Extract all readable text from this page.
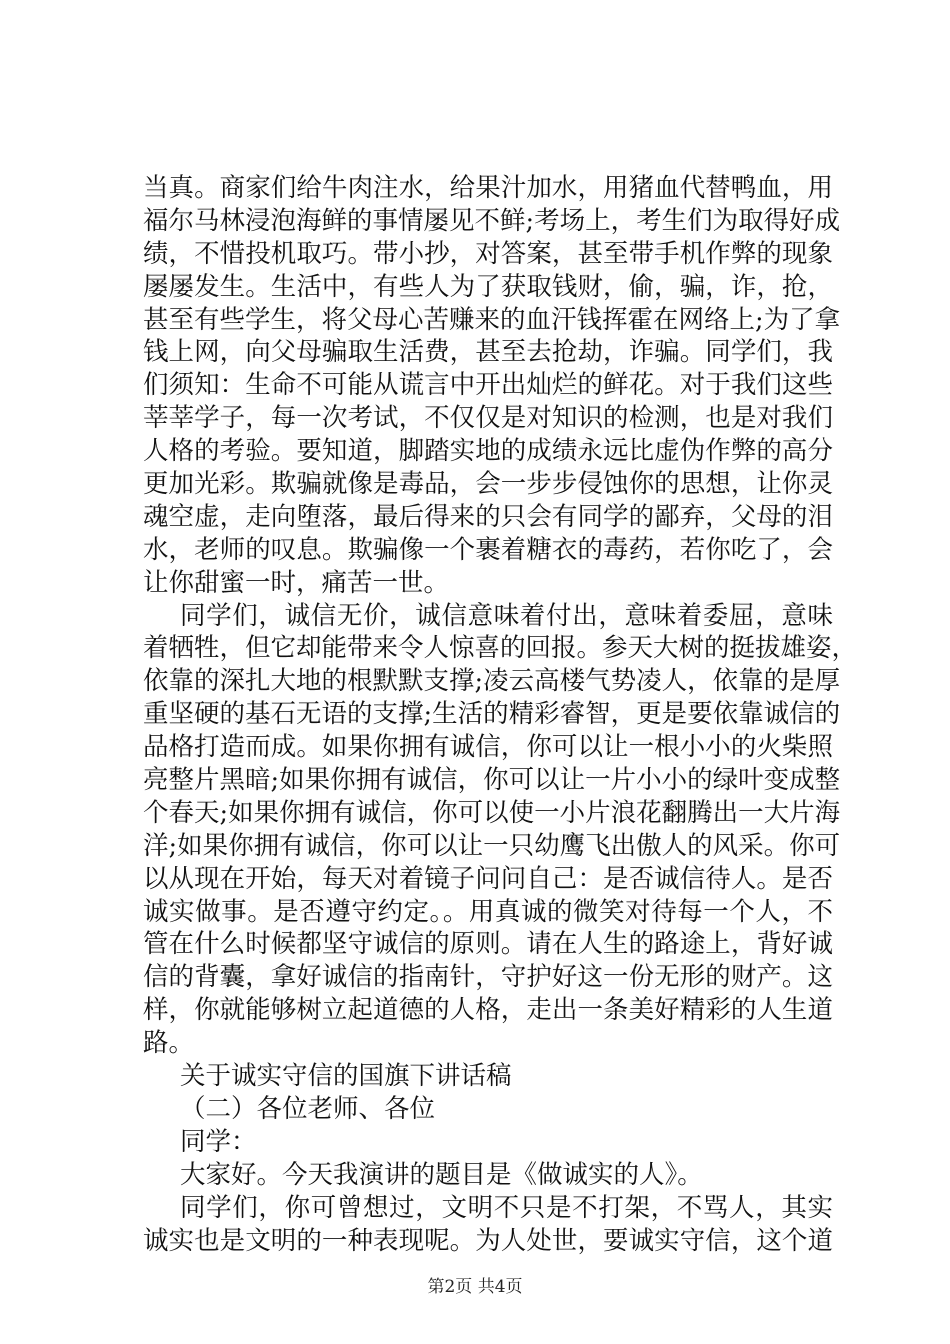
当真。商家们给牛肉注水，给果汁加水，用猪血代替鸭血，用
福尔马林浸泡海鲜的事情屡见不鲜;考场上，考生们为取得好成
绩，不惜投机取巧。带小抄，对答案，甚至带手机作弊的现象
屡屡发生。生活中，有些人为了获取钱财，偷，骗，诈，抢，
甚至有些学生，将父母心苦赚来的血汗钱挥霍在网络上;为了拿
钱上网，向父母骗取生活费，甚至去抢劫，诈骗。同学们，我
们须知：生命不可能从谎言中开出灿烂的鲜花。对于我们这些
莘莘学子，每一次考试，不仅仅是对知识的检测，也是对我们
人格的考验。要知道，脚踏实地的成绩永远比虚伪作弊的高分
更加光彩。欺骗就像是毒品，会一步步侵蚀你的思想，让你灵
魂空虚，走向堕落，最后得来的只会有同学的鄙弃，父母的泪
水，老师的叹息。欺骗像一个裹着糖衣的毒药，若你吃了，会
让你甜蜜一时，痛苦一世。
同学们，诚信无价，诚信意味着付出，意味着委屈，意味
着牺牲，但它却能带来令人惊喜的回报。参天大树的挺拔雄姿，
依靠的深扎大地的根默默支撑;凌云高楼气势凌人，依靠的是厚
重坚硬的基石无语的支撑;生活的精彩睿智，更是要依靠诚信的
品格打造而成。如果你拥有诚信，你可以让一根小小的火柴照
亮整片黑暗;如果你拥有诚信，你可以让一片小小的绿叶变成整
个春天;如果你拥有诚信，你可以使一小片浪花翻腾出一大片海
洋;如果你拥有诚信，你可以让一只幼鹰飞出傲人的风采。你可
以从现在开始，每天对着镜子问问自己：是否诚信待人。是否
诚实做事。是否遵守约定。。用真诚的微笑对待每一个人，不
管在什么时候都坚守诚信的原则。请在人生的路途上，背好诚
信的背囊，拿好诚信的指南针，守护好这一份无形的财产。这
样，你就能够树立起道德的人格，走出一条美好精彩的人生道
路。
关于诚实守信的国旗下讲话稿
（二）各位老师、各位
同学：
大家好。今天我演讲的题目是《做诚实的人》。
同学们，你可曾想过，文明不只是不打架，不骂人，其实
诚实也是文明的一种表现呢。为人处世，要诚实守信，这个道
第2页 共4页
